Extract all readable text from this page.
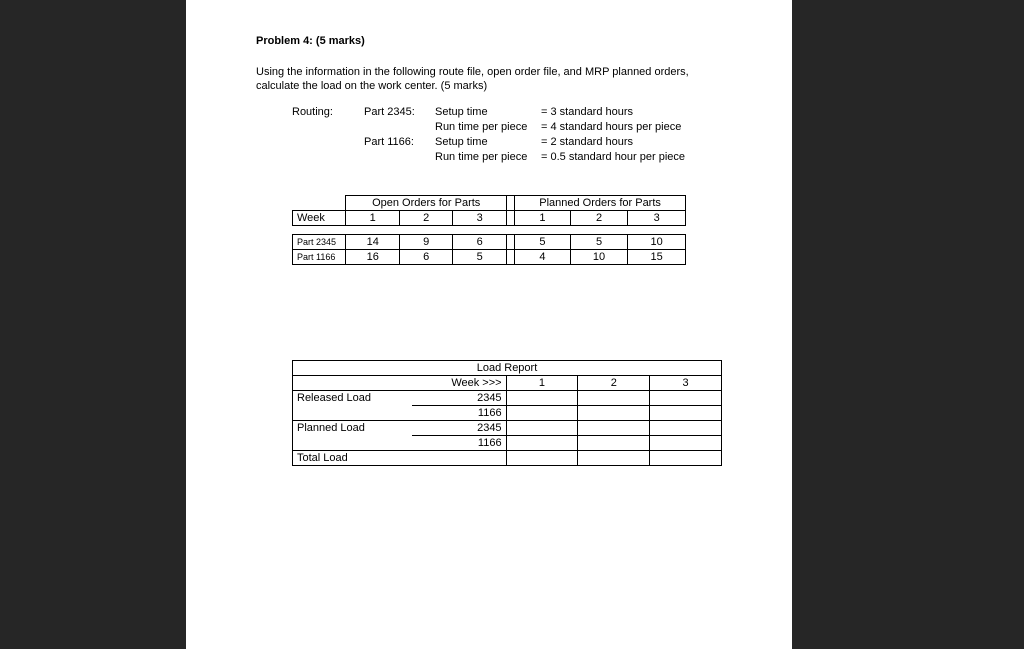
Problem 4: (5 marks)
Using the information in the following route file, open order file, and MRP planned orders,
calculate the load on the work center. (5 marks)
Routing:	Part 2345: Setup time	= 3 standard hours
Run time per piece = 4 standard hours per piece
Part 1166: Setup time	= 2 standard hours
Run time per piece = 0.5 standard hour per piece
	Open Orders for Parts				Planned Orders for Parts		
Week	1	2	3		1	2	3

Part 2345	14	9	6		5	5	10
Part 1166	16	6	5		4	10	15
Load Report				
	Week >>>	1	2	3
Released Load	2345			
	1166			
Planned Load	2345			
	1166			
Total Load				
